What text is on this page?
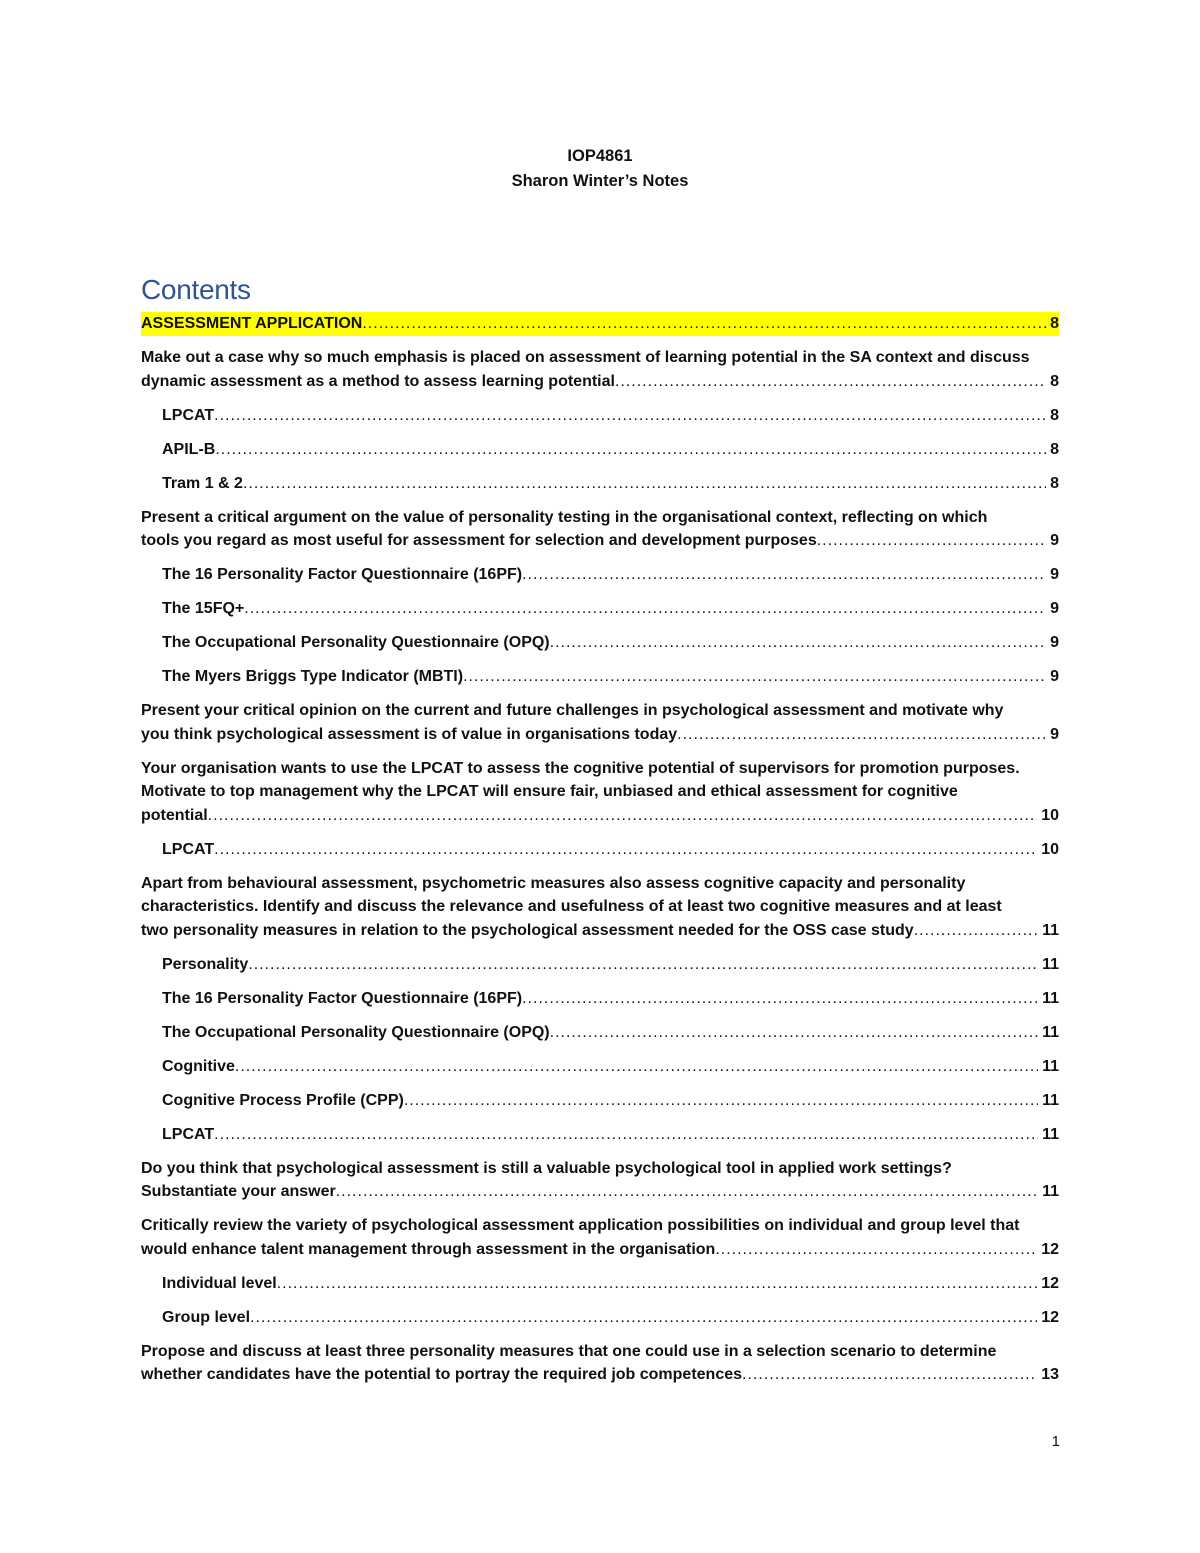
IOP4861
Sharon Winter’s Notes
Contents
ASSESSMENT APPLICATION .....	8
Make out a case why so much emphasis is placed on assessment of learning potential in the SA context and discuss
dynamic assessment as a method to assess learning potential .....	8
LPCAT .....	8
APIL-B .....	8
Tram 1 & 2 .....	8
Present a critical argument on the value of personality testing in the organisational context, reflecting on which
tools you regard as most useful for assessment for selection and development purposes .....	9
The 16 Personality Factor Questionnaire (16PF) .....	9
The 15FQ+ .....	9
The Occupational Personality Questionnaire (OPQ) .....	9
The Myers Briggs Type Indicator (MBTI) .....	9
Present your critical opinion on the current and future challenges in psychological assessment and motivate why
you think psychological assessment is of value in organisations today .....	9
Your organisation wants to use the LPCAT to assess the cognitive potential of supervisors for promotion purposes. Motivate to top management why the LPCAT will ensure fair, unbiased and ethical assessment for cognitive
potential .....	10
LPCAT .....	10
Apart from behavioural assessment, psychometric measures also assess cognitive capacity and personality characteristics. Identify and discuss the relevance and usefulness of at least two cognitive measures and at least
two personality measures in relation to the psychological assessment needed for the OSS case study .....	11
Personality .....	11
The 16 Personality Factor Questionnaire (16PF) .....	11
The Occupational Personality Questionnaire (OPQ) .....	11
Cognitive .....	11
Cognitive Process Profile (CPP) .....	11
LPCAT .....	11
Do you think that psychological assessment is still a valuable psychological tool in applied work settings?
Substantiate your answer .....	11
Critically review the variety of psychological assessment application possibilities on individual and group level that
would enhance talent management through assessment in the organisation .....	12
Individual level .....	12
Group level .....	12
Propose and discuss at least three personality measures that one could use in a selection scenario to determine
whether candidates have the potential to portray the required job competences .....	13
1
